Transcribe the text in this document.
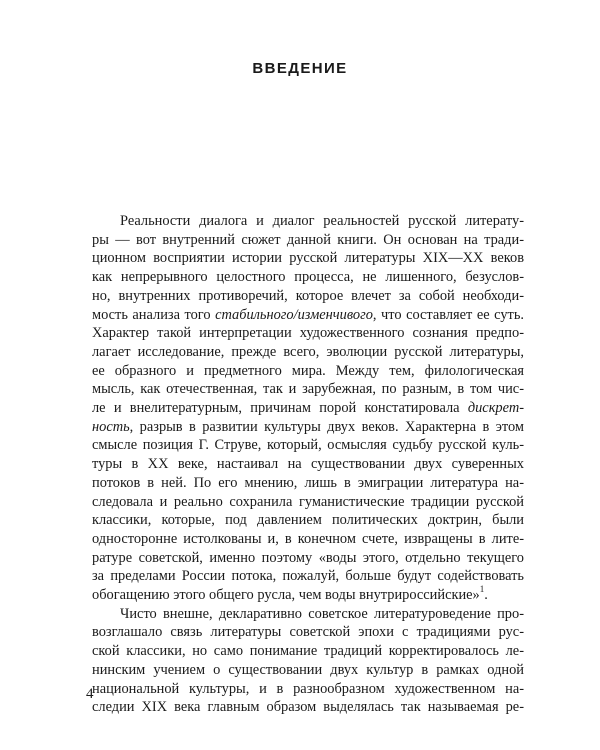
ВВЕДЕНИЕ
Реальности диалога и диалог реальностей русской литерату-
ры — вот внутренний сюжет данной книги. Он основан на тради-
ционном восприятии истории русской литературы XIX—XX веков
как непрерывного целостного процесса, не лишенного, безуслов-
но, внутренних противоречий, которое влечет за собой необходи-
мость анализа того стабильного/изменчивого, что составляет ее суть.
Характер такой интерпретации художественного сознания предпо-
лагает исследование, прежде всего, эволюции русской литературы,
ее образного и предметного мира. Между тем, филологическая
мысль, как отечественная, так и зарубежная, по разным, в том чис-
ле и внелитературным, причинам порой констатировала дискрет-
ность, разрыв в развитии культуры двух веков. Характерна в этом
смысле позиция Г. Струве, который, осмысляя судьбу русской куль-
туры в XX веке, настаивал на существовании двух суверенных
потоков в ней. По его мнению, лишь в эмиграции литература на-
следовала и реально сохранила гуманистические традиции русской
классики, которые, под давлением политических доктрин, были
односторонне истолкованы и, в конечном счете, извращены в лите-
ратуре советской, именно поэтому «воды этого, отдельно текущего
за пределами России потока, пожалуй, больше будут содействовать
обогащению этого общего русла, чем воды внутрироссийские»$^1$.
Чисто внешне, декларативно советское литературоведение про-
возглашало связь литературы советской эпохи с традициями рус-
ской классики, но само понимание традиций корректировалось ле-
нинским учением о существовании двух культур в рамках одной
национальной культуры, и в разнообразном художественном на-
следии XIX века главным образом выделялась так называемая ре-
4
